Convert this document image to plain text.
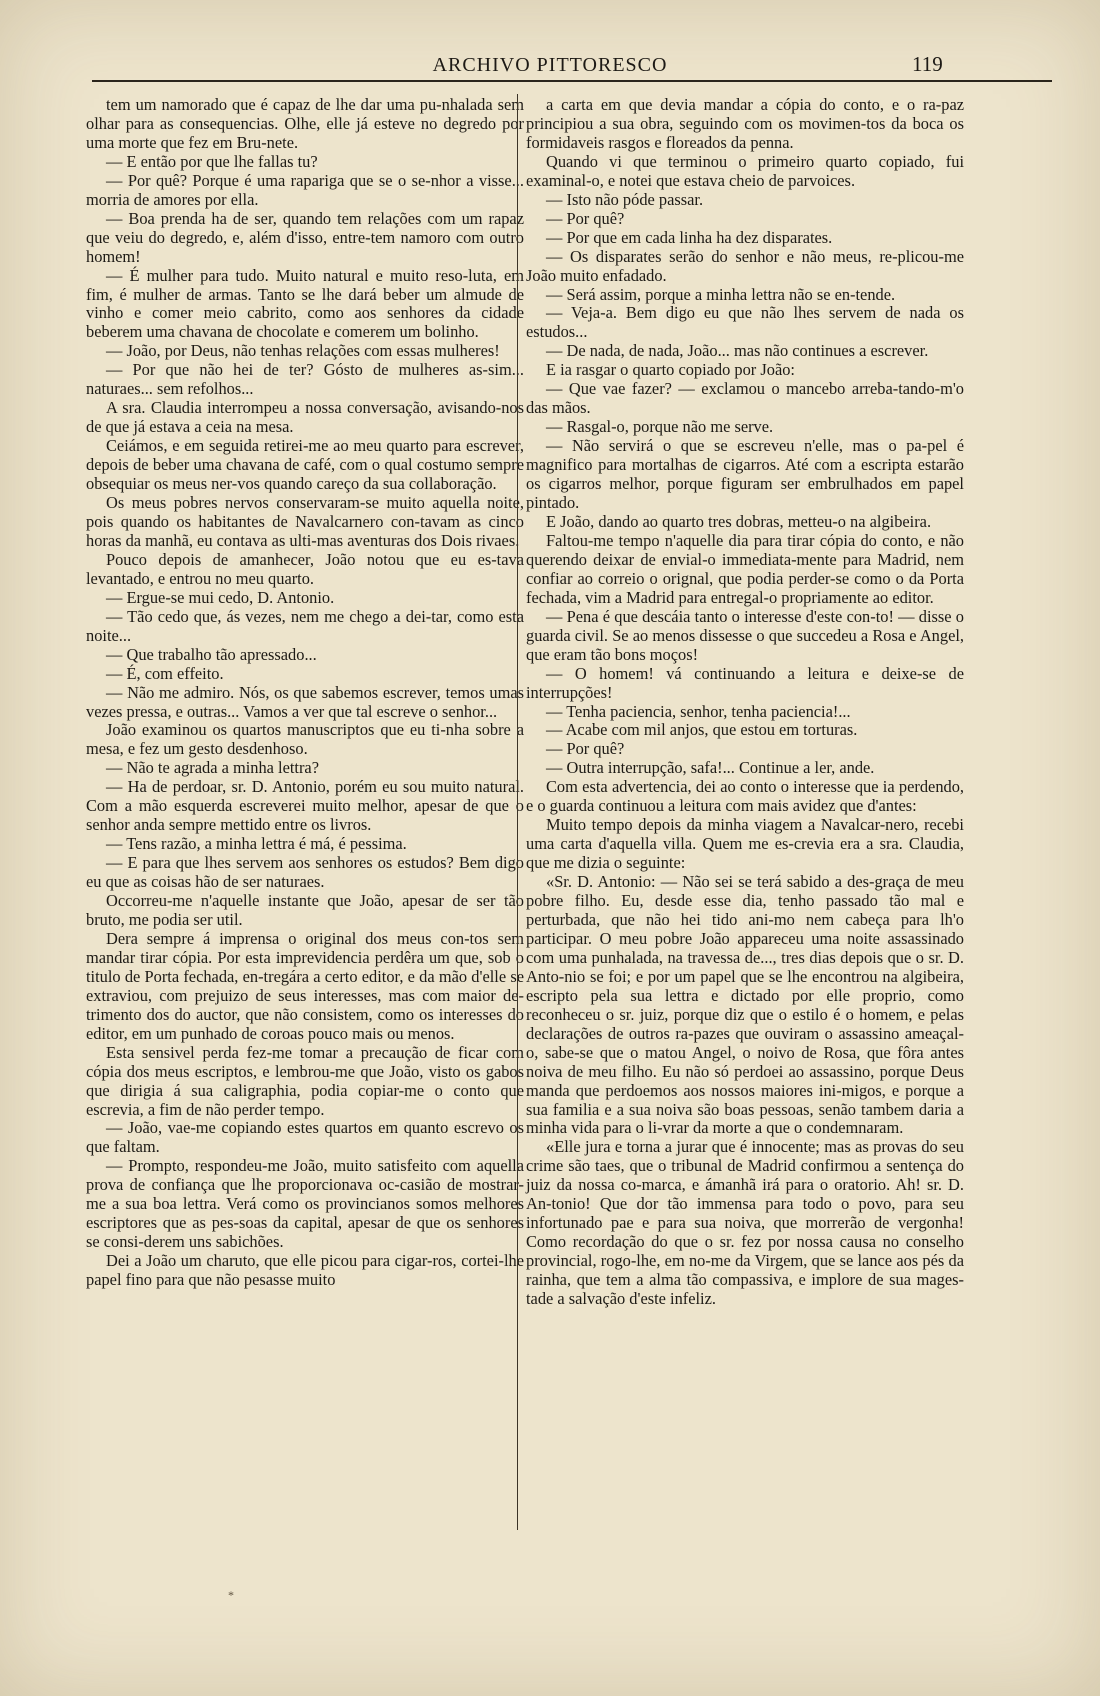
ARCHIVO PITTORESCO	119

tem um namorado que é capaz de lhe dar uma pu-nhalada sem olhar para as consequencias. Olhe, elle já esteve no degredo por uma morte que fez em Bru-nete.

— E então por que lhe fallas tu?

— Por quê? Porque é uma rapariga que se o se-nhor a visse... morria de amores por ella.

— Boa prenda ha de ser, quando tem relações com um rapaz que veiu do degredo, e, além d'isso, entre-tem namoro com outro homem!

— É mulher para tudo. Muito natural e muito reso-luta, em fim, é mulher de armas. Tanto se lhe dará beber um almude de vinho e comer meio cabrito, como aos senhores da cidade beberem uma chavana de chocolate e comerem um bolinho.

— João, por Deus, não tenhas relações com essas mulheres!

— Por que não hei de ter? Gósto de mulheres as-sim... naturaes... sem refolhos...

A sra. Claudia interrompeu a nossa conversação, avisando-nos de que já estava a ceia na mesa.

Ceiámos, e em seguida retirei-me ao meu quarto para escrever, depois de beber uma chavana de café, com o qual costumo sempre obsequiar os meus ner-vos quando careço da sua collaboração.

Os meus pobres nervos conservaram-se muito aquella noite, pois quando os habitantes de Navalcarnero con-tavam as cinco horas da manhã, eu contava as ulti-mas aventuras dos Dois rivaes.

Pouco depois de amanhecer, João notou que eu es-tava levantado, e entrou no meu quarto.

— Ergue-se mui cedo, D. Antonio.

— Tão cedo que, ás vezes, nem me chego a dei-tar, como esta noite...

— Que trabalho tão apressado...

— É, com effeito.

— Não me admiro. Nós, os que sabemos escrever, temos umas vezes pressa, e outras... Vamos a ver que tal escreve o senhor...

João examinou os quartos manuscriptos que eu ti-nha sobre a mesa, e fez um gesto desdenhoso.

— Não te agrada a minha lettra?

— Ha de perdoar, sr. D. Antonio, porém eu sou muito natural. Com a mão esquerda escreverei muito melhor, apesar de que o senhor anda sempre mettido entre os livros.

— Tens razão, a minha lettra é má, é pessima.

— E para que lhes servem aos senhores os estudos? Bem digo eu que as coisas hão de ser naturaes.

Occorreu-me n'aquelle instante que João, apesar de ser tão bruto, me podia ser util.

Dera sempre á imprensa o original dos meus con-tos sem mandar tirar cópia. Por esta imprevidencia perdêra um que, sob o titulo de Porta fechada, en-tregára a certo editor, e da mão d'elle se extraviou, com prejuizo de seus interesses, mas com maior de-trimento dos do auctor, que não consistem, como os interesses do editor, em um punhado de coroas pouco mais ou menos.

Esta sensivel perda fez-me tomar a precaução de ficar com cópia dos meus escriptos, e lembrou-me que João, visto os gabos que dirigia á sua caligraphia, podia copiar-me o conto que escrevia, a fim de não perder tempo.

— João, vae-me copiando estes quartos em quanto escrevo os que faltam.

— Prompto, respondeu-me João, muito satisfeito com aquella prova de confiança que lhe proporcionava oc-casião de mostrar-me a sua boa lettra. Verá como os provincianos somos melhores escriptores que as pes-soas da capital, apesar de que os senhores se consi-derem uns sabichões.

Dei a João um charuto, que elle picou para cigar-ros, cortei-lhe papel fino para que não pesasse muito

a carta em que devia mandar a cópia do conto, e o ra-paz principiou a sua obra, seguindo com os movimen-tos da boca os formidaveis rasgos e floreados da penna.

Quando vi que terminou o primeiro quarto copiado, fui examinal-o, e notei que estava cheio de parvoices.

— Isto não póde passar.

— Por quê?

— Por que em cada linha ha dez disparates.

— Os disparates serão do senhor e não meus, re-plicou-me João muito enfadado.

— Será assim, porque a minha lettra não se en-tende.

— Veja-a. Bem digo eu que não lhes servem de nada os estudos...

— De nada, de nada, João... mas não continues a escrever.

E ia rasgar o quarto copiado por João:

— Que vae fazer? — exclamou o mancebo arreba-tando-m'o das mãos.

— Rasgal-o, porque não me serve.

— Não servirá o que se escreveu n'elle, mas o pa-pel é magnifico para mortalhas de cigarros. Até com a escripta estarão os cigarros melhor, porque figuram ser embrulhados em papel pintado.

E João, dando ao quarto tres dobras, metteu-o na algibeira.

Faltou-me tempo n'aquelle dia para tirar cópia do conto, e não querendo deixar de envial-o immediata-mente para Madrid, nem confiar ao correio o orignal, que podia perder-se como o da Porta fechada, vim a Madrid para entregal-o propriamente ao editor.

— Pena é que descáia tanto o interesse d'este con-to! — disse o guarda civil. Se ao menos dissesse o que succedeu a Rosa e Angel, que eram tão bons moços!

— O homem! vá continuando a leitura e deixe-se de interrupções!

— Tenha paciencia, senhor, tenha paciencia!...

— Acabe com mil anjos, que estou em torturas.

— Por quê?

— Outra interrupção, safa!... Continue a ler, ande.

Com esta advertencia, dei ao conto o interesse que ia perdendo, e o guarda continuou a leitura com mais avidez que d'antes:

Muito tempo depois da minha viagem a Navalcar-nero, recebi uma carta d'aquella villa. Quem me es-crevia era a sra. Claudia, que me dizia o seguinte:

«Sr. D. Antonio: — Não sei se terá sabido a des-graça de meu pobre filho. Eu, desde esse dia, tenho passado tão mal e perturbada, que não hei tido ani-mo nem cabeça para lh'o participar. O meu pobre João appareceu uma noite assassinado com uma punhalada, na travessa de..., tres dias depois que o sr. D. Anto-nio se foi; e por um papel que se lhe encontrou na algibeira, escripto pela sua lettra e dictado por elle proprio, como reconheceu o sr. juiz, porque diz que o estilo é o homem, e pelas declarações de outros ra-pazes que ouviram o assassino ameaçal-o, sabe-se que o matou Angel, o noivo de Rosa, que fôra antes noiva de meu filho. Eu não só perdoei ao assassino, porque Deus manda que perdoemos aos nossos maiores ini-migos, e porque a sua familia e a sua noiva são boas pessoas, senão tambem daria a minha vida para o li-vrar da morte a que o condemnaram.

«Elle jura e torna a jurar que é innocente; mas as provas do seu crime são taes, que o tribunal de Madrid confirmou a sentença do juiz da nossa co-marca, e ámanhã irá para o oratorio. Ah! sr. D. An-tonio! Que dor tão immensa para todo o povo, para seu infortunado pae e para sua noiva, que morrerão de vergonha! Como recordação do que o sr. fez por nossa causa no conselho provincial, rogo-lhe, em no-me da Virgem, que se lance aos pés da rainha, que tem a alma tão compassiva, e implore de sua mages-tade a salvação d'este infeliz.

*
